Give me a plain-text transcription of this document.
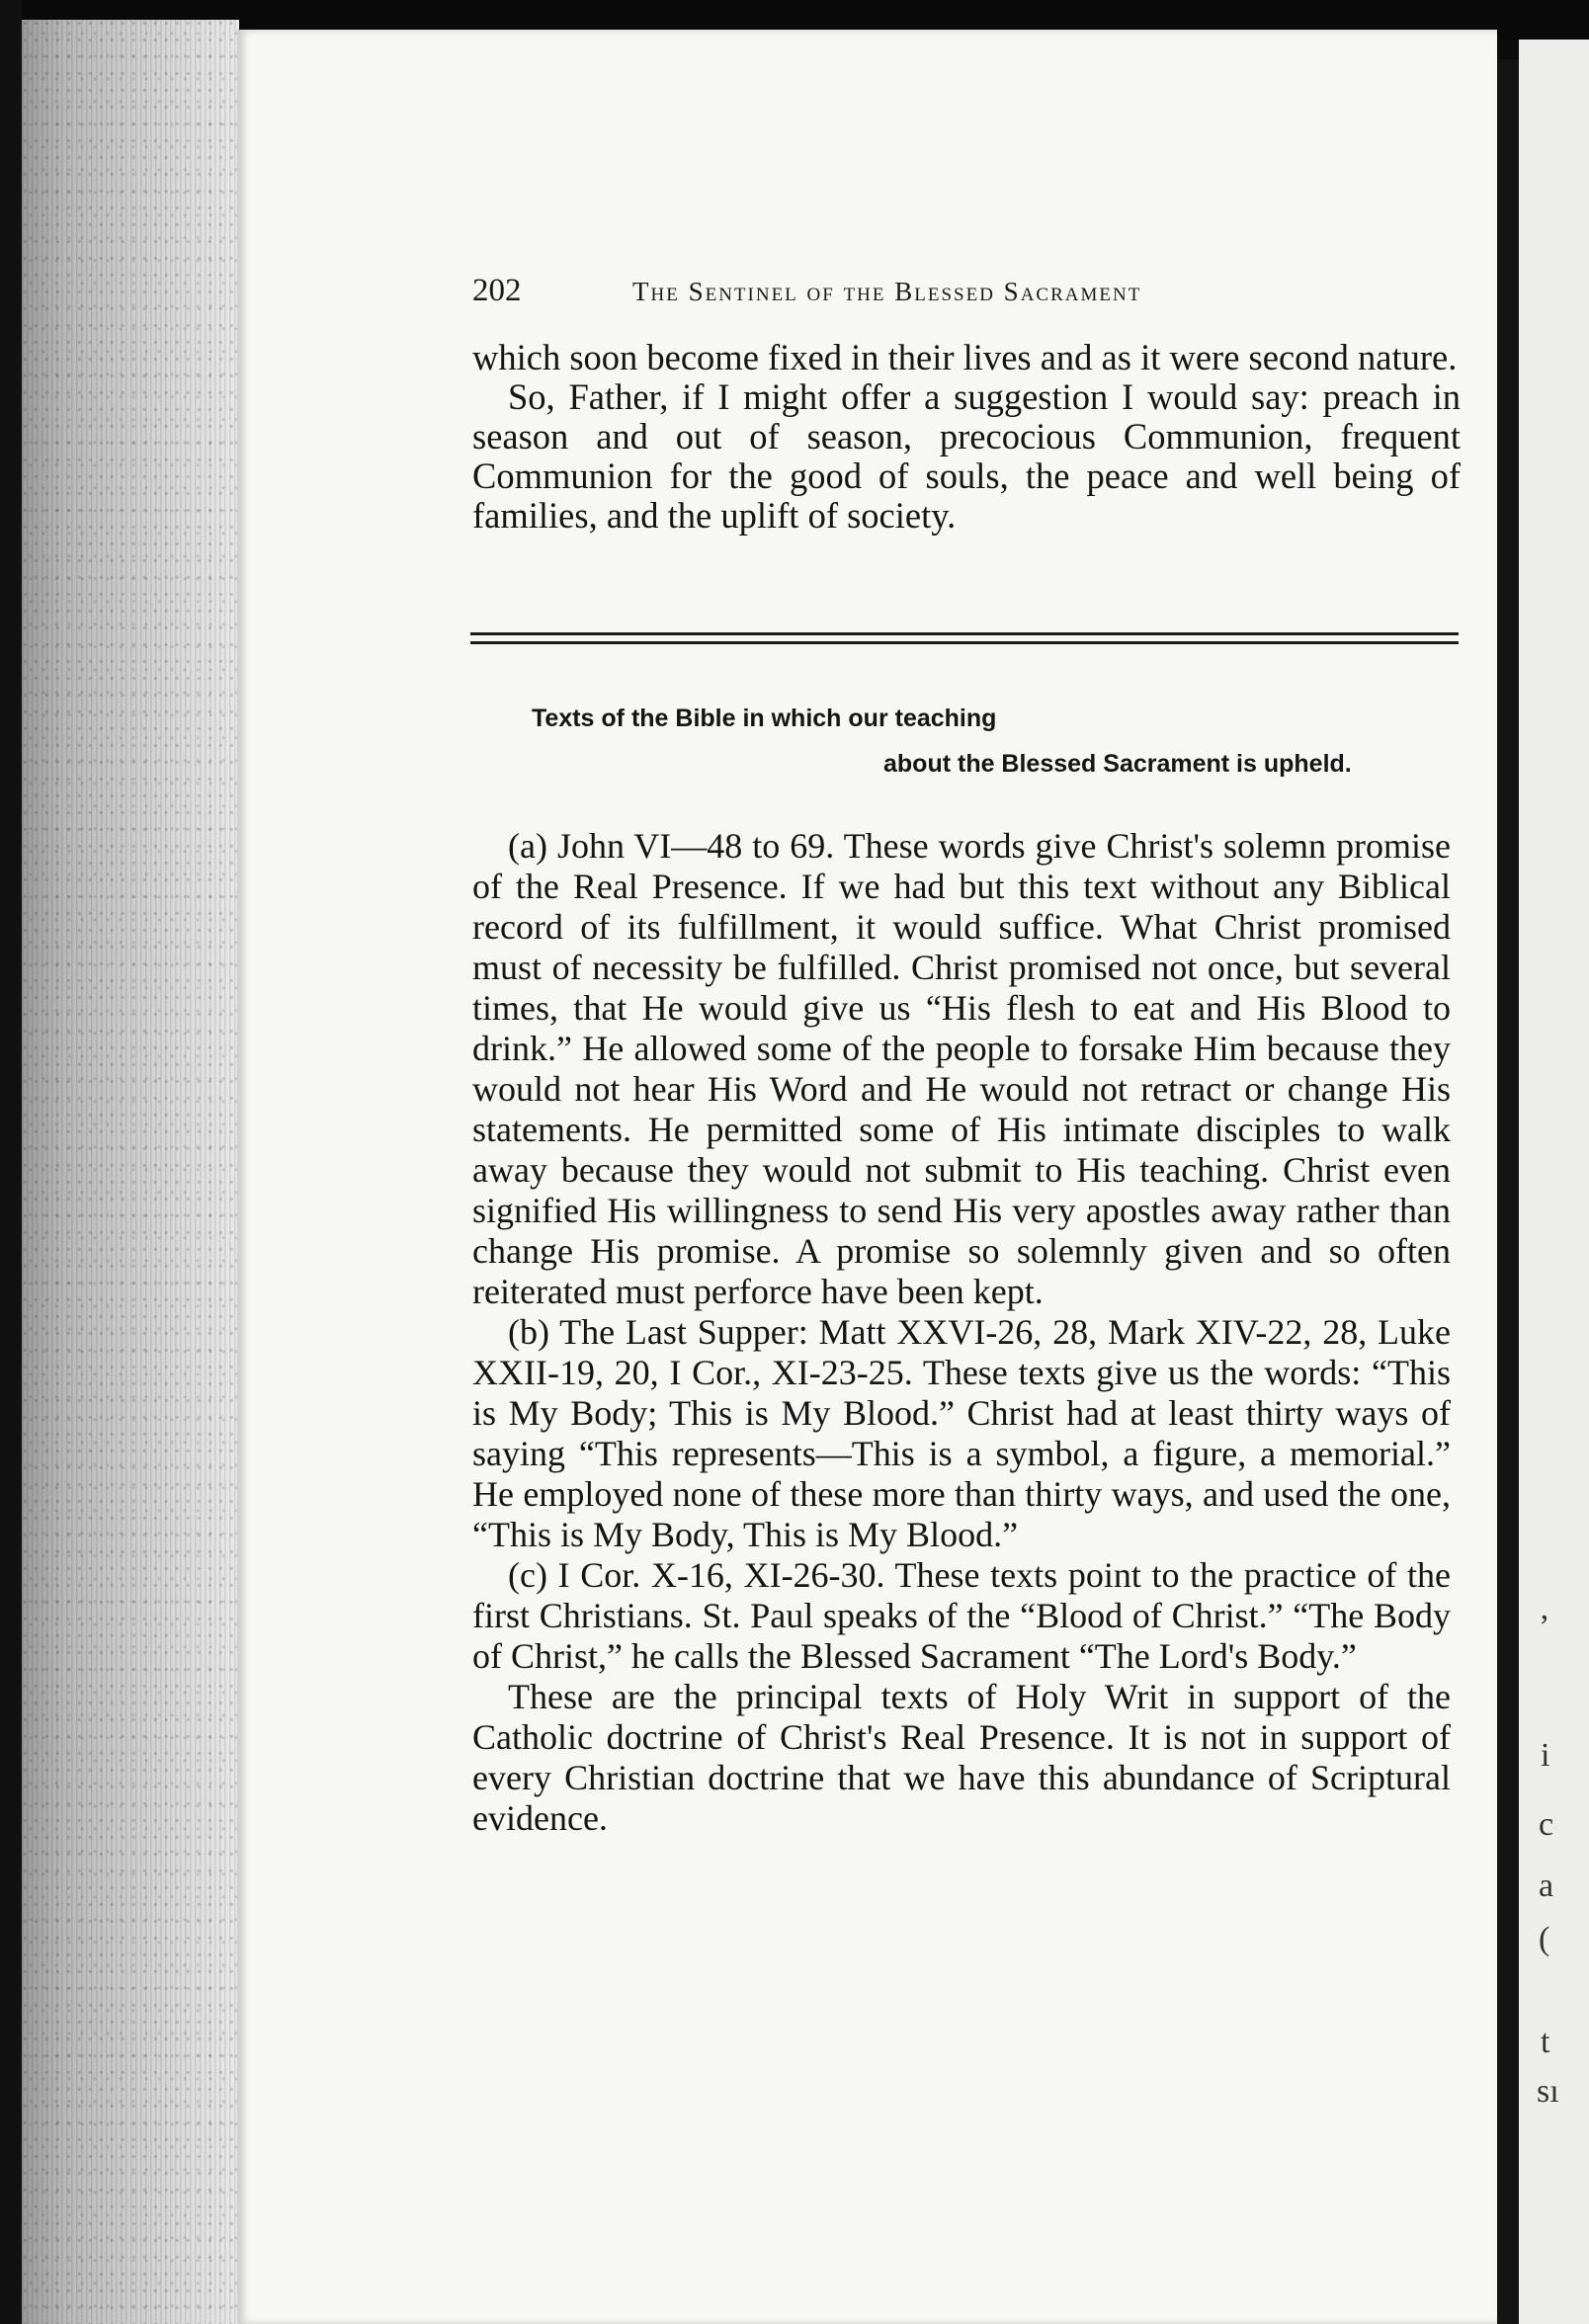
’
i
c
a
(
t
sı
202	The Sentinel of the Blessed Sacrament

which soon become fixed in their lives and as it were second nature.

So, Father, if I might offer a suggestion I would say: preach in season and out of season, precocious Communion, frequent Communion for the good of souls, the peace and well being of families, and the uplift of society.

Texts of the Bible in which our teaching
about the Blessed Sacrament is upheld.

(a) John VI—48 to 69. These words give Christ's solemn promise of the Real Presence. If we had but this text without any Biblical record of its fulfillment, it would suffice. What Christ promised must of necessity be fulfilled. Christ promised not once, but several times, that He would give us “His flesh to eat and His Blood to drink.” He allowed some of the people to forsake Him because they would not hear His Word and He would not retract or change His statements. He permitted some of His intimate disciples to walk away because they would not submit to His teaching. Christ even signified His willingness to send His very apostles away rather than change His promise. A promise so solemnly given and so often reiterated must perforce have been kept.

(b) The Last Supper: Matt XXVI-26, 28, Mark XIV-22, 28, Luke XXII-19, 20, I Cor., XI-23-25. These texts give us the words: “This is My Body; This is My Blood.” Christ had at least thirty ways of saying “This represents—This is a symbol, a figure, a memorial.” He employed none of these more than thirty ways, and used the one, “This is My Body, This is My Blood.”

(c) I Cor. X-16, XI-26-30. These texts point to the practice of the first Christians. St. Paul speaks of the “Blood of Christ.” “The Body of Christ,” he calls the Blessed Sacrament “The Lord's Body.”

These are the principal texts of Holy Writ in support of the Catholic doctrine of Christ's Real Presence. It is not in support of every Christian doctrine that we have this abundance of Scriptural evidence.
